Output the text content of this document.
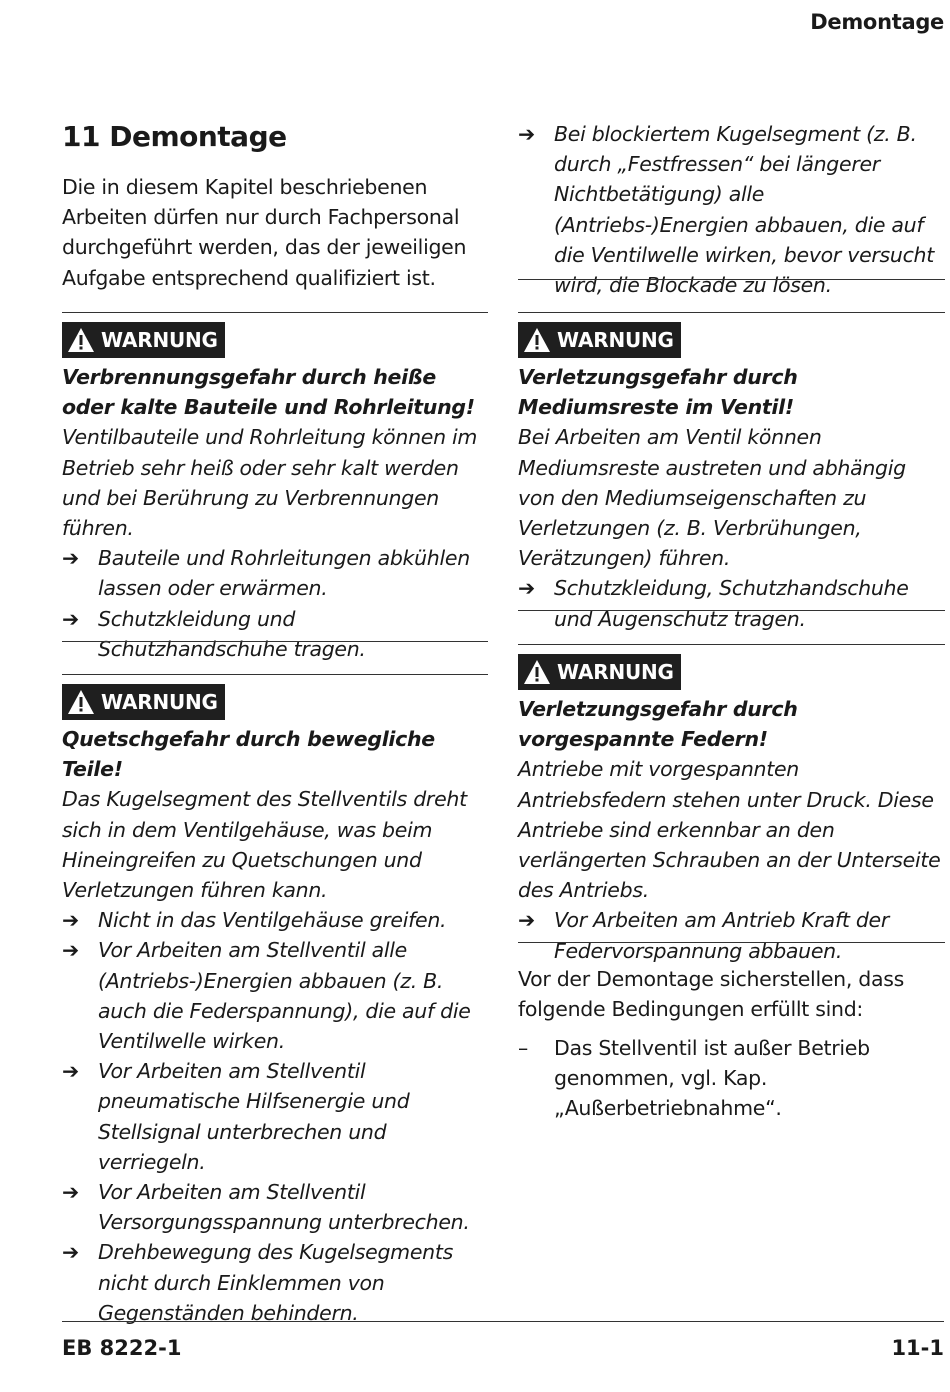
Demontage
11 Demontage

Die in diesem Kapitel beschriebenen Arbeiten dürfen nur durch Fachpersonal durchgeführt werden, das der jeweiligen Aufgabe entsprechend qualifiziert ist.

WARNUNG

Verbrennungsgefahr durch heiße oder kalte Bauteile und Rohrleitung!

Ventilbauteile und Rohrleitung können im Betrieb sehr heiß oder sehr kalt werden und bei Berührung zu Verbrennungen führen.

➔ Bauteile und Rohrleitungen abkühlen lassen oder erwärmen.

➔ Schutzkleidung und Schutzhandschuhe tragen.

WARNUNG

Quetschgefahr durch bewegliche Teile!

Das Kugelsegment des Stellventils dreht sich in dem Ventilgehäuse, was beim Hineingreifen zu Quetschungen und Verletzungen führen kann.

➔ Nicht in das Ventilgehäuse greifen.

➔ Vor Arbeiten am Stellventil alle (Antriebs-)Energien abbauen (z. B. auch die Federspannung), die auf die Ventilwelle wirken.

➔ Vor Arbeiten am Stellventil pneumatische Hilfsenergie und Stellsignal unterbrechen und verriegeln.

➔ Vor Arbeiten am Stellventil Versorgungsspannung unterbrechen.

➔ Drehbewegung des Kugelsegments nicht durch Einklemmen von Gegenständen behindern.

➔ Bei blockiertem Kugelsegment (z. B. durch „Festfressen“ bei längerer Nichtbetätigung) alle (Antriebs-)Energien abbauen, die auf die Ventilwelle wirken, bevor versucht wird, die Blockade zu lösen.

WARNUNG

Verletzungsgefahr durch Mediumsreste im Ventil!

Bei Arbeiten am Ventil können Mediumsreste austreten und abhängig von den Mediumseigenschaften zu Verletzungen (z. B. Verbrühungen, Verätzungen) führen.

➔ Schutzkleidung, Schutzhandschuhe und Augenschutz tragen.

WARNUNG

Verletzungsgefahr durch vorgespannte Federn!

Antriebe mit vorgespannten Antriebsfedern stehen unter Druck. Diese Antriebe sind erkennbar an den verlängerten Schrauben an der Unterseite des Antriebs.

➔ Vor Arbeiten am Antrieb Kraft der Federvorspannung abbauen.

Vor der Demontage sicherstellen, dass folgende Bedingungen erfüllt sind:

– Das Stellventil ist außer Betrieb genommen, vgl. Kap. „Außerbetriebnahme“.

EB 8222-1	11-1
